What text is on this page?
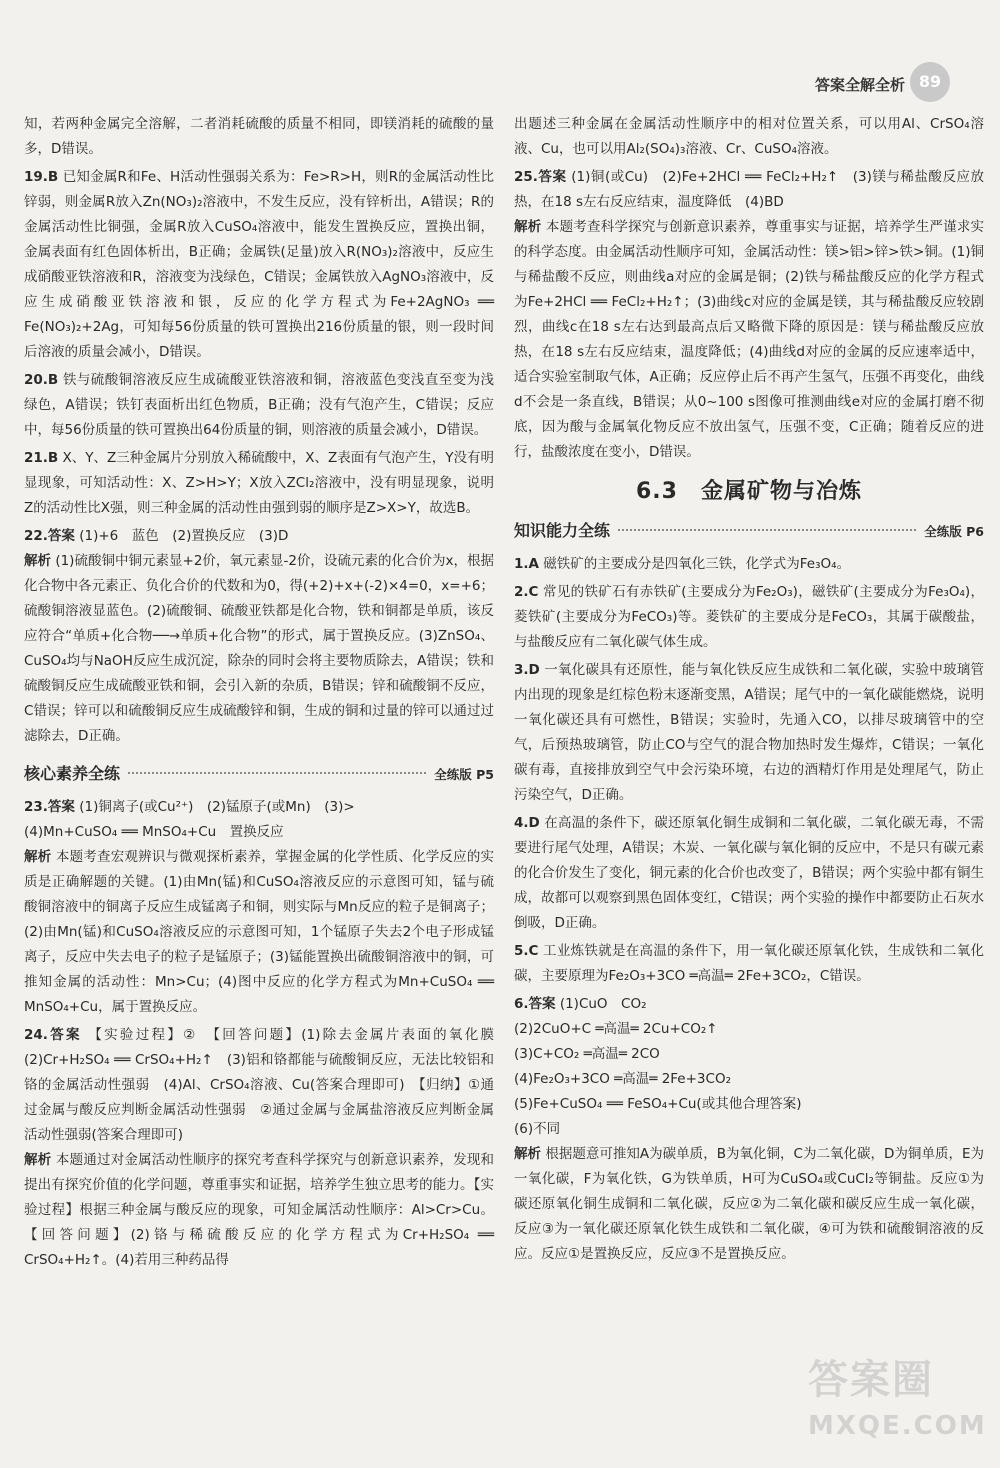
答案全解全析 89
知，若两种金属完全溶解，二者消耗硫酸的质量不相同，即镁消耗的硫酸的量多，D错误。
19.B 已知金属R和Fe、H活动性强弱关系为：Fe>R>H，则R的金属活动性比锌弱，则金属R放入Zn(NO₃)₂溶液中，不发生反应，没有锌析出，A错误；R的金属活动性比铜强，金属R放入CuSO₄溶液中，能发生置换反应，置换出铜，金属表面有红色固体析出，B正确；金属铁(足量)放入R(NO₃)₂溶液中，反应生成硝酸亚铁溶液和R，溶液变为浅绿色，C错误；金属铁放入AgNO₃溶液中，反应生成硝酸亚铁溶液和银，反应的化学方程式为Fe+2AgNO₃ ══ Fe(NO₃)₂+2Ag，可知每56份质量的铁可置换出216份质量的银，则一段时间后溶液的质量会减小，D错误。
20.B 铁与硫酸铜溶液反应生成硫酸亚铁溶液和铜，溶液蓝色变浅直至变为浅绿色，A错误；铁钉表面析出红色物质，B正确；没有气泡产生，C错误；反应中，每56份质量的铁可置换出64份质量的铜，则溶液的质量会减小，D错误。
21.B X、Y、Z三种金属片分别放入稀硫酸中，X、Z表面有气泡产生，Y没有明显现象，可知活动性：X、Z>H>Y；X放入ZCl₂溶液中，没有明显现象，说明Z的活动性比X强，则三种金属的活动性由强到弱的顺序是Z>X>Y，故选B。
22.答案 (1)+6　蓝色　(2)置换反应　(3)D
解析 (1)硫酸铜中铜元素显+2价，氧元素显-2价，设硫元素的化合价为x，根据化合物中各元素正、负化合价的代数和为0，得(+2)+x+(-2)×4=0，x=+6；硫酸铜溶液显蓝色。(2)硫酸铜、硫酸亚铁都是化合物，铁和铜都是单质，该反应符合“单质+化合物──→单质+化合物”的形式，属于置换反应。(3)ZnSO₄、CuSO₄均与NaOH反应生成沉淀，除杂的同时会将主要物质除去，A错误；铁和硫酸铜反应生成硫酸亚铁和铜，会引入新的杂质，B错误；锌和硫酸铜不反应，C错误；锌可以和硫酸铜反应生成硫酸锌和铜，生成的铜和过量的锌可以通过过滤除去，D正确。
核心素养全练	全练版 P5
23.答案 (1)铜离子(或Cu²⁺)　(2)锰原子(或Mn)　(3)>
(4)Mn+CuSO₄ ══ MnSO₄+Cu　置换反应
解析 本题考查宏观辨识与微观探析素养，掌握金属的化学性质、化学反应的实质是正确解题的关键。(1)由Mn(锰)和CuSO₄溶液反应的示意图可知，锰与硫酸铜溶液中的铜离子反应生成锰离子和铜，则实际与Mn反应的粒子是铜离子；(2)由Mn(锰)和CuSO₄溶液反应的示意图可知，1个锰原子失去2个电子形成锰离子，反应中失去电子的粒子是锰原子；(3)锰能置换出硫酸铜溶液中的铜，可推知金属的活动性：Mn>Cu；(4)图中反应的化学方程式为Mn+CuSO₄ ══ MnSO₄+Cu，属于置换反应。
24.答案 【实验过程】②　【回答问题】(1)除去金属片表面的氧化膜　(2)Cr+H₂SO₄ ══ CrSO₄+H₂↑　(3)铝和铬都能与硫酸铜反应，无法比较铝和铬的金属活动性强弱　(4)Al、CrSO₄溶液、Cu(答案合理即可)　【归纳】①通过金属与酸反应判断金属活动性强弱　②通过金属与金属盐溶液反应判断金属活动性强弱(答案合理即可)
解析 本题通过对金属活动性顺序的探究考查科学探究与创新意识素养，发现和提出有探究价值的化学问题，尊重事实和证据，培养学生独立思考的能力。【实验过程】根据三种金属与酸反应的现象，可知金属活动性顺序：Al>Cr>Cu。【回答问题】(2)铬与稀硫酸反应的化学方程式为Cr+H₂SO₄ ══ CrSO₄+H₂↑。(4)若用三种药品得
出题述三种金属在金属活动性顺序中的相对位置关系，可以用Al、CrSO₄溶液、Cu，也可以用Al₂(SO₄)₃溶液、Cr、CuSO₄溶液。
25.答案 (1)铜(或Cu)　(2)Fe+2HCl ══ FeCl₂+H₂↑　(3)镁与稀盐酸反应放热，在18 s左右反应结束，温度降低　(4)BD
解析 本题考查科学探究与创新意识素养，尊重事实与证据，培养学生严谨求实的科学态度。由金属活动性顺序可知，金属活动性：镁>铝>锌>铁>铜。(1)铜与稀盐酸不反应，则曲线a对应的金属是铜；(2)铁与稀盐酸反应的化学方程式为Fe+2HCl ══ FeCl₂+H₂↑；(3)曲线c对应的金属是镁，其与稀盐酸反应较剧烈，曲线c在18 s左右达到最高点后又略微下降的原因是：镁与稀盐酸反应放热，在18 s左右反应结束，温度降低；(4)曲线d对应的金属的反应速率适中，适合实验室制取气体，A正确；反应停止后不再产生氢气，压强不再变化，曲线d不会是一条直线，B错误；从0~100 s图像可推测曲线e对应的金属打磨不彻底，因为酸与金属氧化物反应不放出氢气，压强不变，C正确；随着反应的进行，盐酸浓度在变小，D错误。
6.3　金属矿物与冶炼
知识能力全练	全练版 P6
1.A 磁铁矿的主要成分是四氧化三铁，化学式为Fe₃O₄。
2.C 常见的铁矿石有赤铁矿(主要成分为Fe₂O₃)，磁铁矿(主要成分为Fe₃O₄)，菱铁矿(主要成分为FeCO₃)等。菱铁矿的主要成分是FeCO₃，其属于碳酸盐，与盐酸反应有二氧化碳气体生成。
3.D 一氧化碳具有还原性，能与氧化铁反应生成铁和二氧化碳，实验中玻璃管内出现的现象是红棕色粉末逐渐变黑，A错误；尾气中的一氧化碳能燃烧，说明一氧化碳还具有可燃性，B错误；实验时，先通入CO，以排尽玻璃管中的空气，后预热玻璃管，防止CO与空气的混合物加热时发生爆炸，C错误；一氧化碳有毒，直接排放到空气中会污染环境，右边的酒精灯作用是处理尾气，防止污染空气，D正确。
4.D 在高温的条件下，碳还原氧化铜生成铜和二氧化碳，二氧化碳无毒，不需要进行尾气处理，A错误；木炭、一氧化碳与氧化铜的反应中，不是只有碳元素的化合价发生了变化，铜元素的化合价也改变了，B错误；两个实验中都有铜生成，故都可以观察到黑色固体变红，C错误；两个实验的操作中都要防止石灰水倒吸，D正确。
5.C 工业炼铁就是在高温的条件下，用一氧化碳还原氧化铁，生成铁和二氧化碳，主要原理为Fe₂O₃+3CO ═高温═ 2Fe+3CO₂，C错误。
6.答案 (1)CuO　CO₂
(2)2CuO+C ═高温═ 2Cu+CO₂↑
(3)C+CO₂ ═高温═ 2CO
(4)Fe₂O₃+3CO ═高温═ 2Fe+3CO₂
(5)Fe+CuSO₄ ══ FeSO₄+Cu(或其他合理答案)
(6)不同
解析 根据题意可推知A为碳单质，B为氧化铜，C为二氧化碳，D为铜单质，E为一氧化碳，F为氧化铁，G为铁单质，H可为CuSO₄或CuCl₂等铜盐。反应①为碳还原氧化铜生成铜和二氧化碳，反应②为二氧化碳和碳反应生成一氧化碳，反应③为一氧化碳还原氧化铁生成铁和二氧化碳，④可为铁和硫酸铜溶液的反应。反应①是置换反应，反应③不是置换反应。
答案圈
MXQE.COM
